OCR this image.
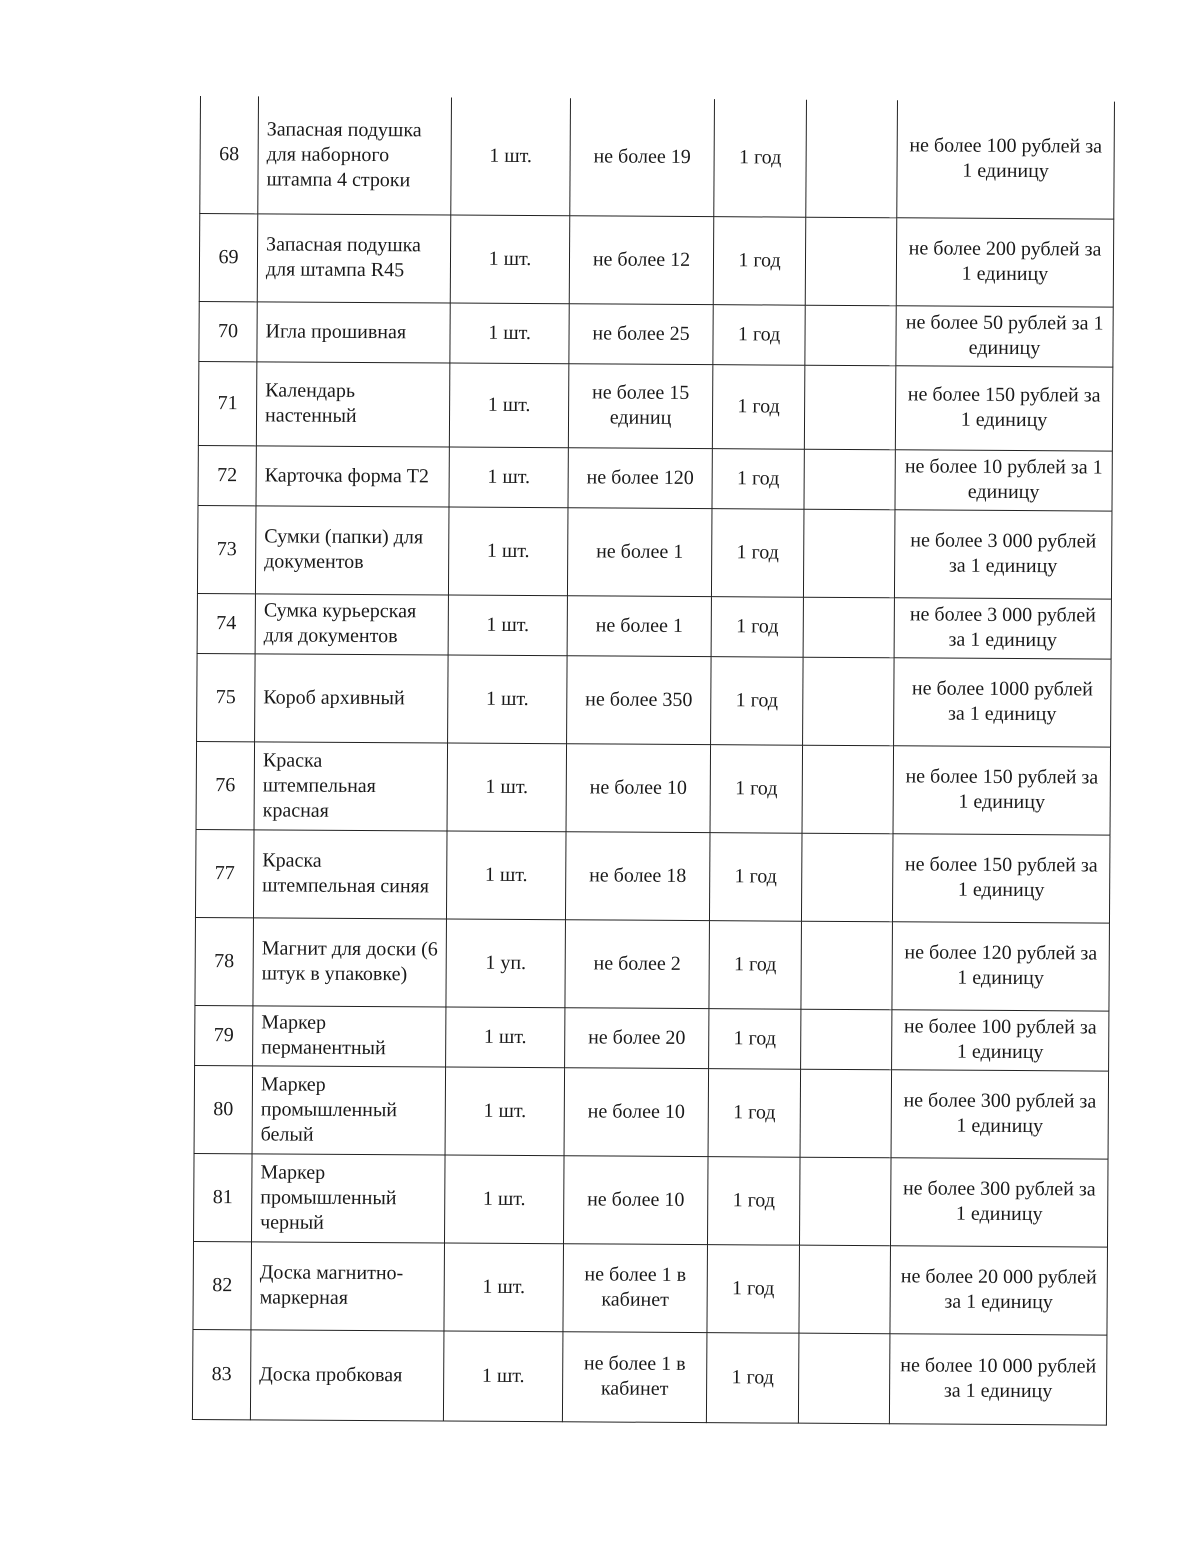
68	Запасная подушка для наборного штампа 4 строки	1 шт.	не более 19	1 год		не более 100 рублей за 1 единицу
69	Запасная подушка для штампа R45	1 шт.	не более 12	1 год		не более 200 рублей за 1 единицу
70	Игла прошивная	1 шт.	не более 25	1 год		не более 50 рублей за 1 единицу
71	Календарь настенный	1 шт.	не более 15 единиц	1 год		не более 150 рублей за 1 единицу
72	Карточка форма Т2	1 шт.	не более 120	1 год		не более 10 рублей за 1 единицу
73	Сумки (папки) для документов	1 шт.	не более 1	1 год		не более 3 000 рублей за 1 единицу
74	Сумка курьерская для документов	1 шт.	не более 1	1 год		не более 3 000 рублей за 1 единицу
75	Короб архивный	1 шт.	не более 350	1 год		не более 1000 рублей за 1 единицу
76	Краска штемпельная красная	1 шт.	не более 10	1 год		не более 150 рублей за 1 единицу
77	Краска штемпельная синяя	1 шт.	не более 18	1 год		не более 150 рублей за 1 единицу
78	Магнит для доски (6 штук в упаковке)	1 уп.	не более 2	1 год		не более 120 рублей за 1 единицу
79	Маркер перманентный	1 шт.	не более 20	1 год		не более 100 рублей за 1 единицу
80	Маркер промышленный белый	1 шт.	не более 10	1 год		не более 300 рублей за 1 единицу
81	Маркер промышленный черный	1 шт.	не более 10	1 год		не более 300 рублей за 1 единицу
82	Доска магнитно-маркерная	1 шт.	не более 1 в кабинет	1 год		не более 20 000 рублей за 1 единицу
83	Доска пробковая	1 шт.	не более 1 в кабинет	1 год		не более 10 000 рублей за 1 единицу
